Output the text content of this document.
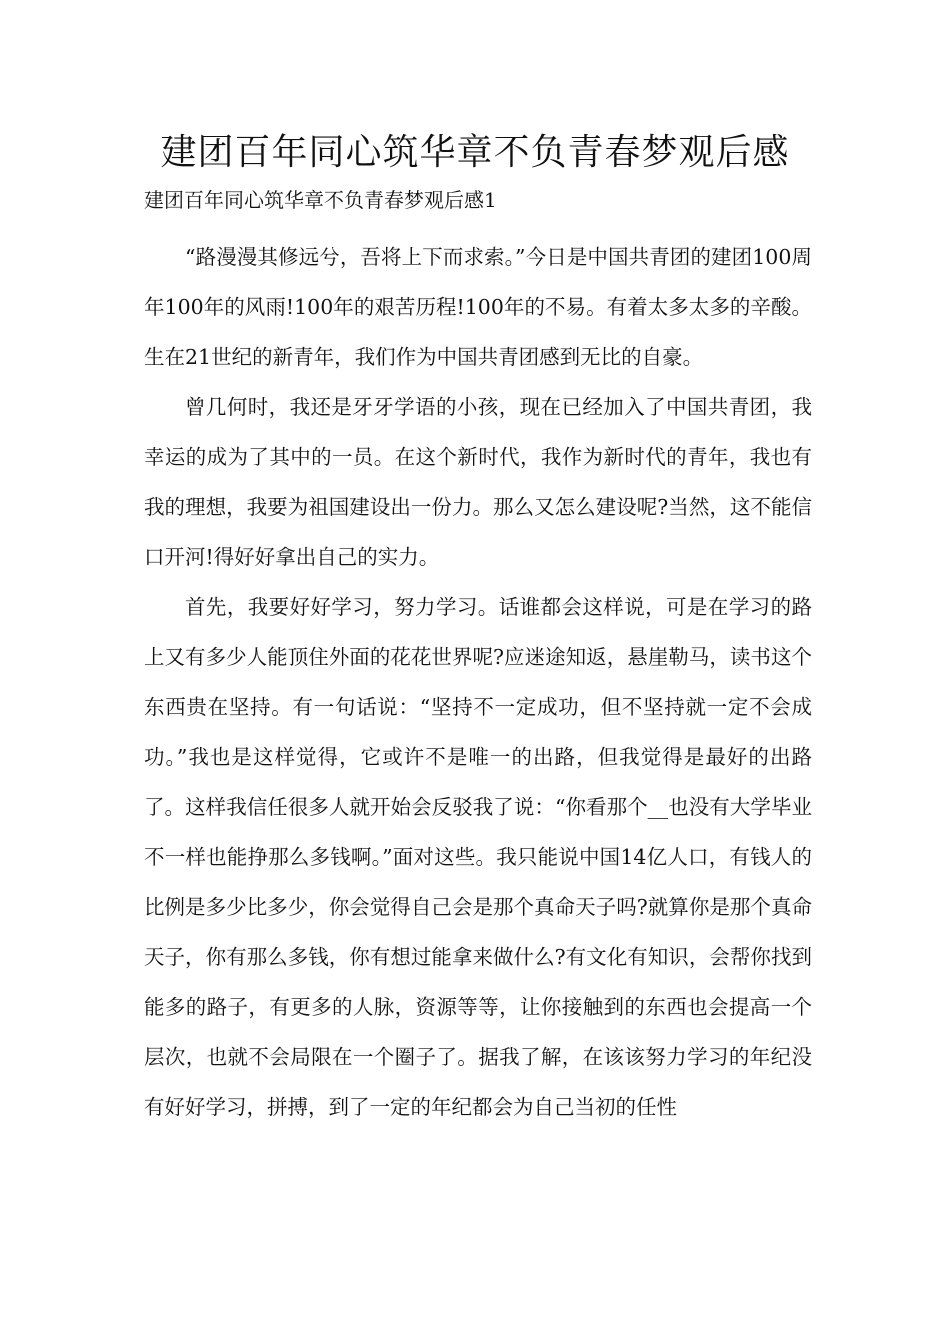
建团百年同心筑华章不负青春梦观后感
建团百年同心筑华章不负青春梦观后感1

“路漫漫其修远兮，吾将上下而求索。”今日是中国共青团的建团100周年100年的风雨!100年的艰苦历程!100年的不易。有着太多太多的辛酸。生在21世纪的新青年，我们作为中国共青团感到无比的自豪。

曾几何时，我还是牙牙学语的小孩，现在已经加入了中国共青团，我幸运的成为了其中的一员。在这个新时代，我作为新时代的青年，我也有我的理想，我要为祖国建设出一份力。那么又怎么建设呢?当然，这不能信口开河!得好好拿出自己的实力。

首先，我要好好学习，努力学习。话谁都会这样说，可是在学习的路上又有多少人能顶住外面的花花世界呢?应迷途知返，悬崖勒马，读书这个东西贵在坚持。有一句话说：“坚持不一定成功，但不坚持就一定不会成功。”我也是这样觉得，它或许不是唯一的出路，但我觉得是最好的出路了。这样我信任很多人就开始会反驳我了说：“你看那个__也没有大学毕业不一样也能挣那么多钱啊。”面对这些。我只能说中国14亿人口，有钱人的比例是多少比多少，你会觉得自己会是那个真命天子吗?就算你是那个真命天子，你有那么多钱，你有想过能拿来做什么?有文化有知识，会帮你找到能多的路子，有更多的人脉，资源等等，让你接触到的东西也会提高一个层次，也就不会局限在一个圈子了。据我了解，在该该努力学习的年纪没有好好学习，拼搏，到了一定的年纪都会为自己当初的任性
